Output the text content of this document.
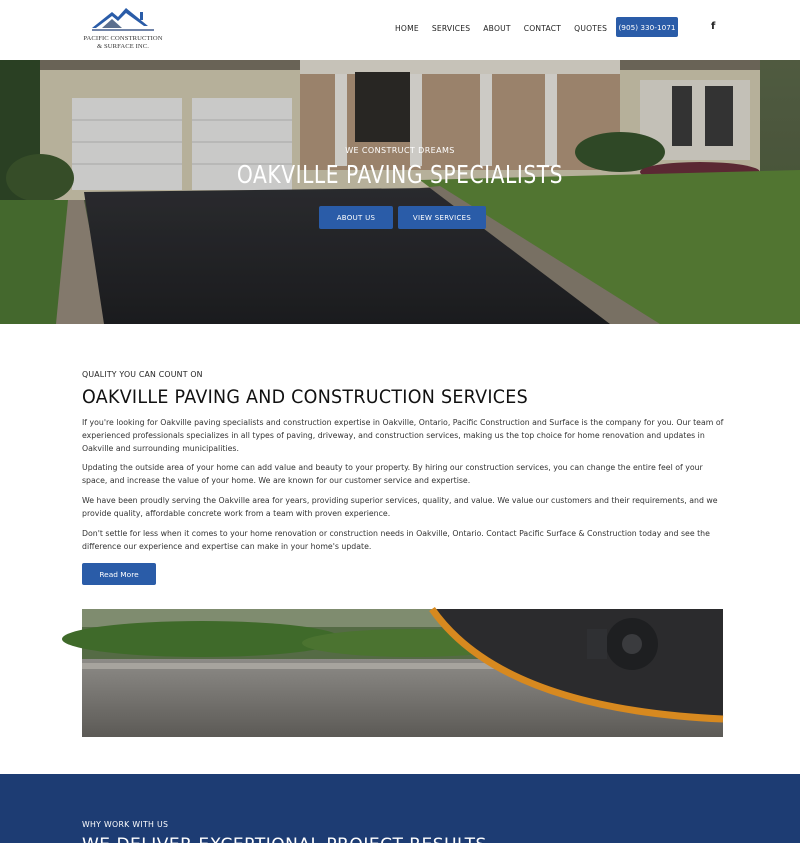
PACIFIC CONSTRUCTION
& SURFACE INC.
HOME SERVICES ABOUT CONTACT QUOTES	(905) 330-1071	f
WE CONSTRUCT DREAMS
OAKVILLE PAVING SPECIALISTS
ABOUT US	VIEW SERVICES
QUALITY YOU CAN COUNT ON
OAKVILLE PAVING AND CONSTRUCTION SERVICES

If you're looking for Oakville paving specialists and construction expertise in Oakville, Ontario, Pacific Construction and Surface is the company for you. Our team of experienced professionals specializes in all types of paving, driveway, and construction services, making us the top choice for home renovation and updates in Oakville and surrounding municipalities.

Updating the outside area of your home can add value and beauty to your property. By hiring our construction services, you can change the entire feel of your space, and increase the value of your home. We are known for our customer service and expertise.

We have been proudly serving the Oakville area for years, providing superior services, quality, and value. We value our customers and their requirements, and we provide quality, affordable concrete work from a team with proven experience.

Don't settle for less when it comes to your home renovation or construction needs in Oakville, Ontario. Contact Pacific Surface & Construction today and see the difference our experience and expertise can make in your home's update.

Read More
WHY WORK WITH US
WE DELIVER EXCEPTIONAL PROJECT RESULTS
